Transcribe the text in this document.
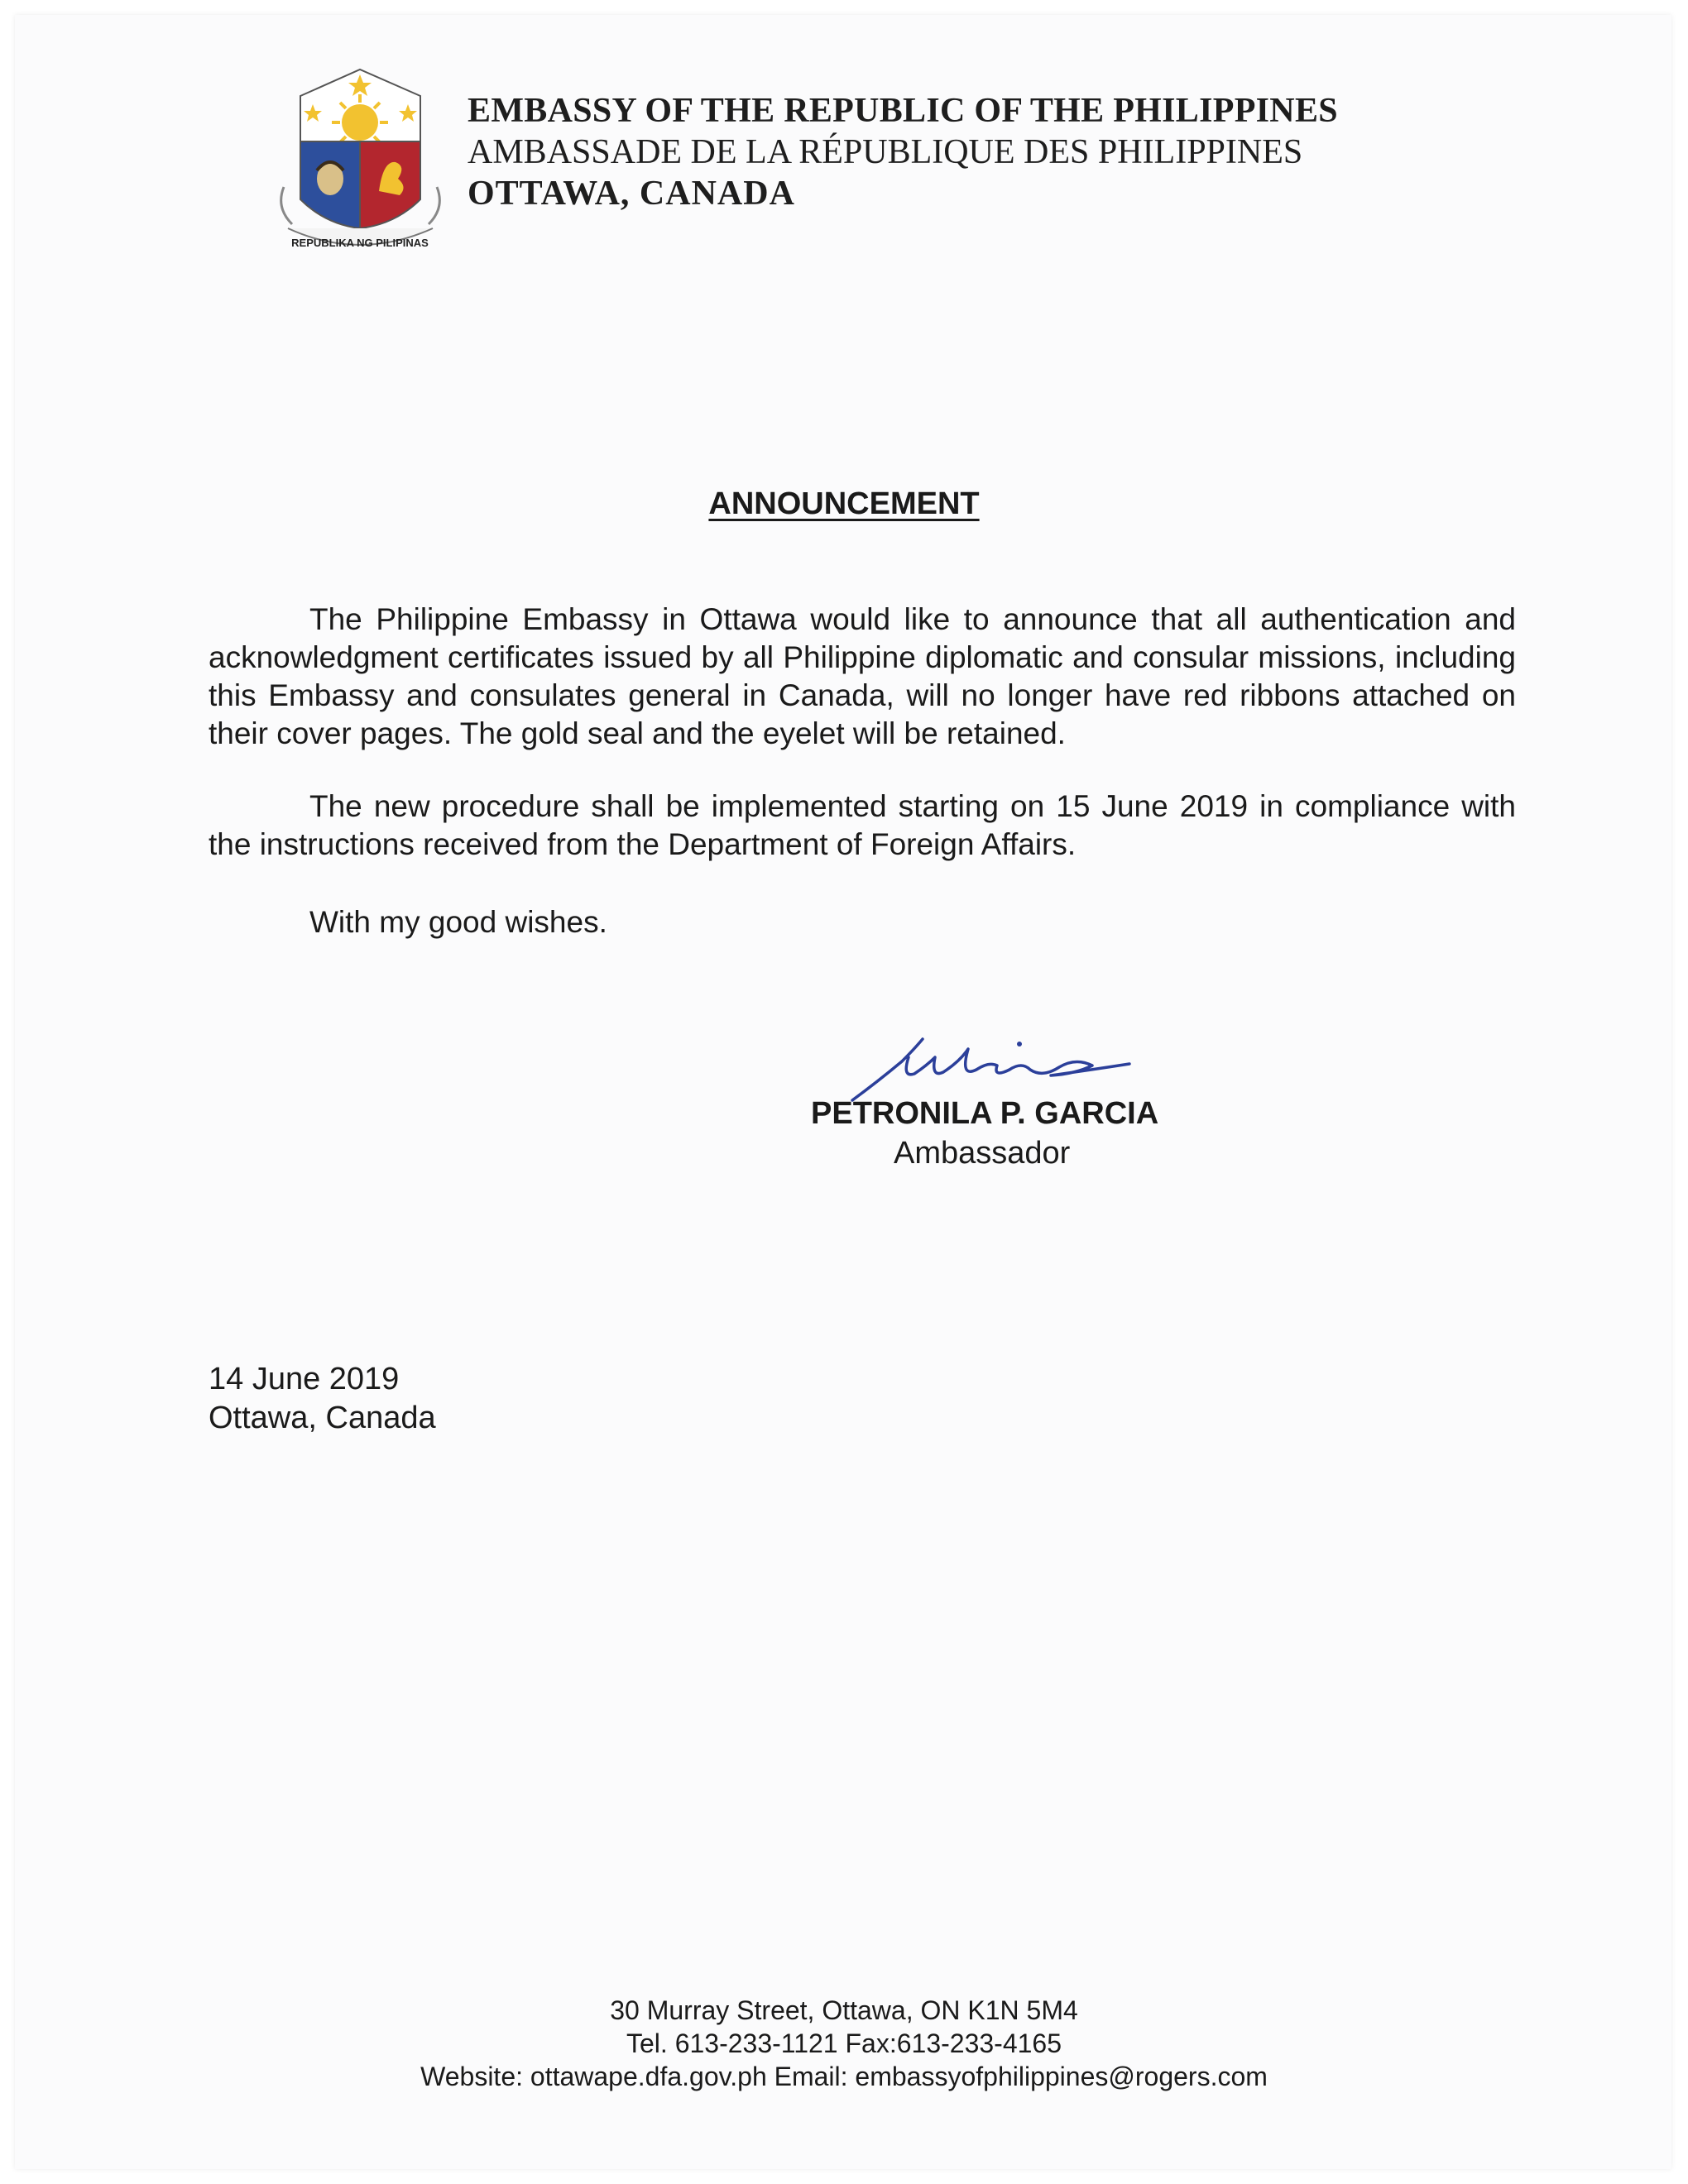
REPUBLIKA NG PILIPINAS
EMBASSY OF THE REPUBLIC OF THE PHILIPPINES
AMBASSADE DE LA RÉPUBLIQUE DES PHILIPPINES
OTTAWA, CANADA
ANNOUNCEMENT
The Philippine Embassy in Ottawa would like to announce that all authentication and acknowledgment certificates issued by all Philippine diplomatic and consular missions, including this Embassy and consulates general in Canada, will no longer have red ribbons attached on their cover pages. The gold seal and the eyelet will be retained.
The new procedure shall be implemented starting on 15 June 2019 in compliance with the instructions received from the Department of Foreign Affairs.
With my good wishes.
PETRONILA P. GARCIA
Ambassador
14 June 2019
Ottawa, Canada
30 Murray Street, Ottawa, ON K1N 5M4
Tel. 613-233-1121 Fax:613-233-4165
Website: ottawape.dfa.gov.ph Email: embassyofphilippines@rogers.com
